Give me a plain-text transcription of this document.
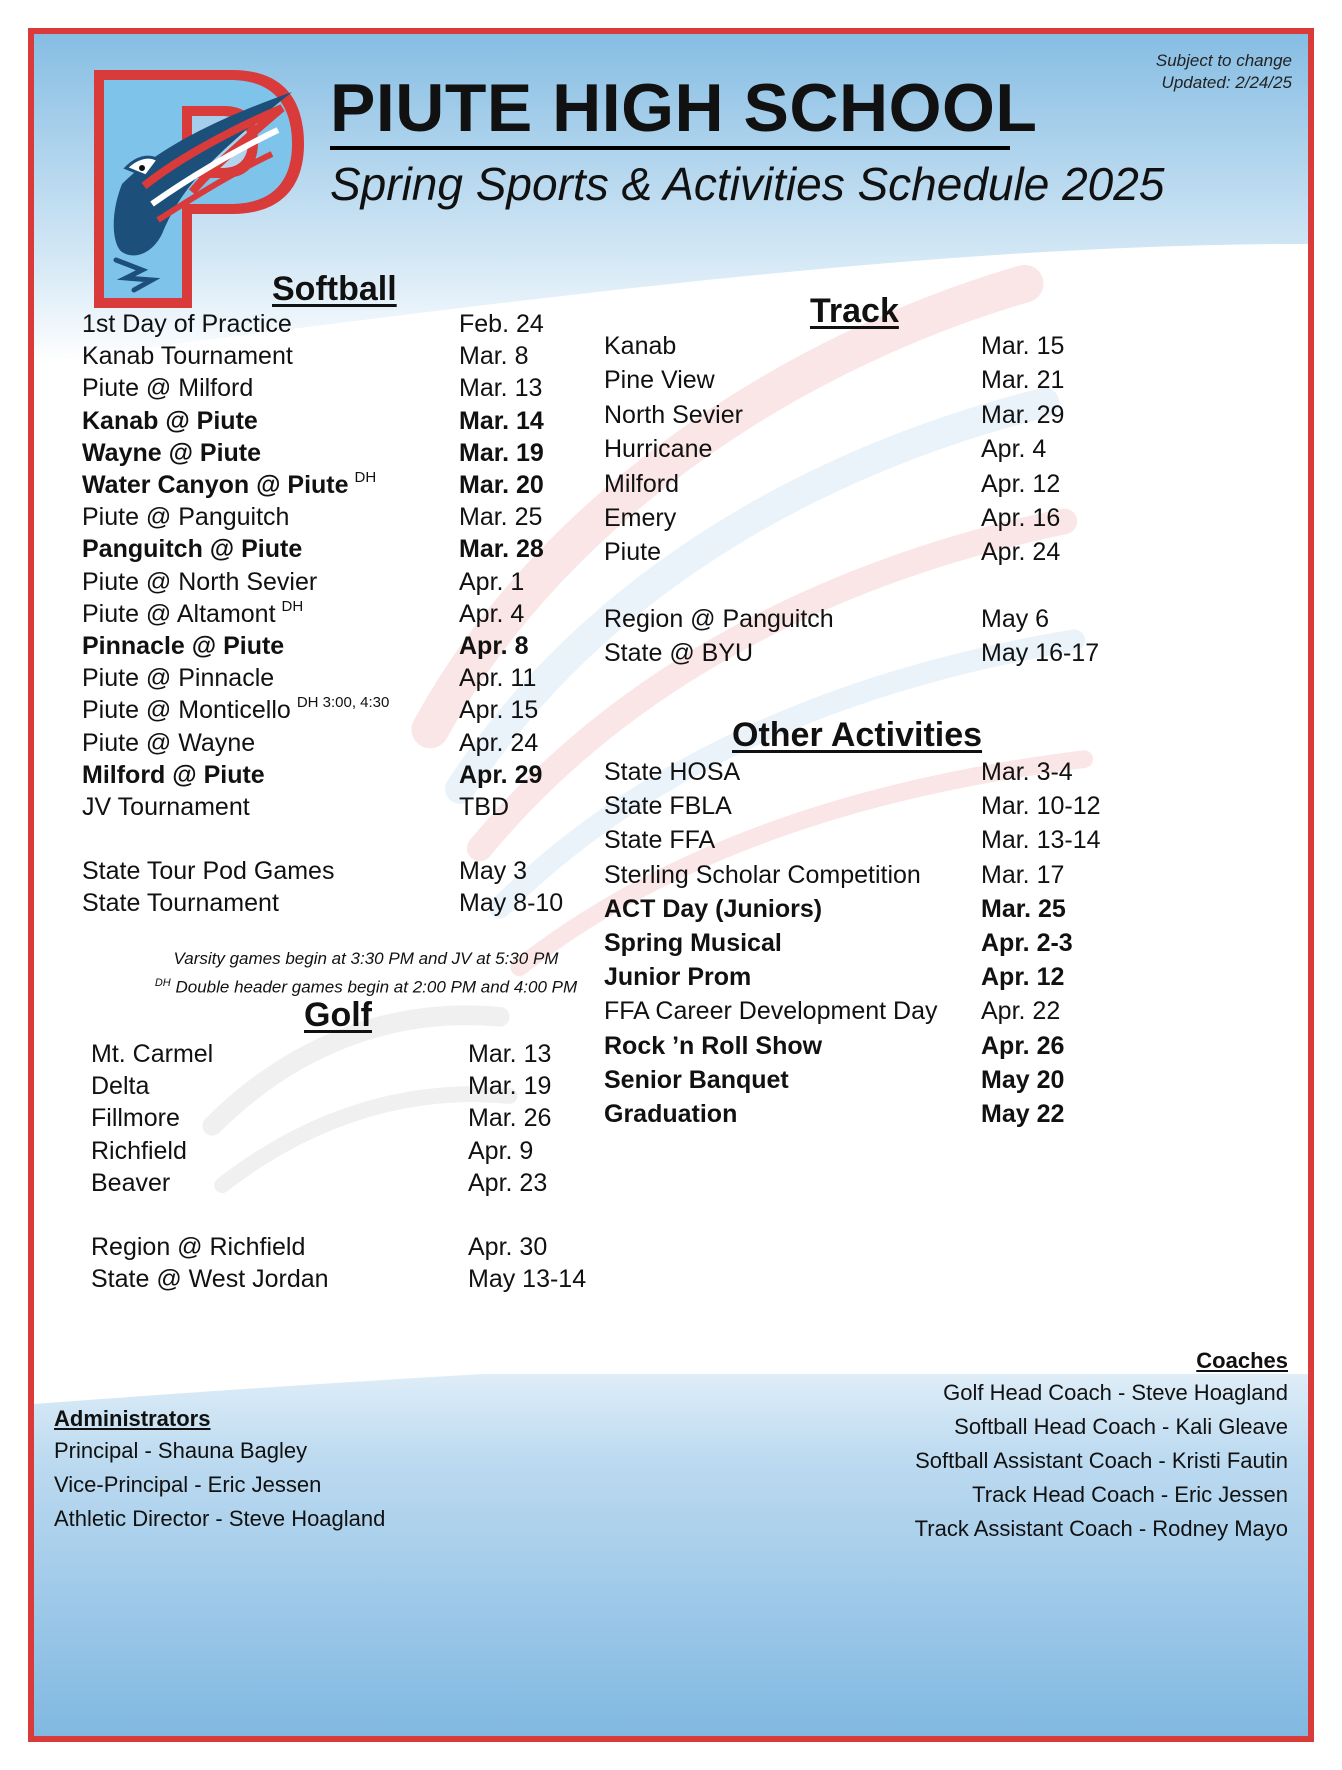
Subject to change
Updated: 2/24/25
PIUTE HIGH SCHOOL
Spring Sports & Activities Schedule 2025
Softball
1st Day of Practice	Feb. 24
Kanab Tournament	Mar. 8
Piute @ Milford	Mar. 13
Kanab @ Piute	Mar. 14
Wayne @ Piute	Mar. 19
Water Canyon @ Piute $^{DH}$	Mar. 20
Piute @ Panguitch	Mar. 25
Panguitch @ Piute	Mar. 28
Piute @ North Sevier	Apr. 1
Piute @ Altamont $^{DH}$	Apr. 4
Pinnacle @ Piute	Apr. 8
Piute @ Pinnacle	Apr. 11
Piute @ Monticello $^{DH 3:00, 4:30}$	Apr. 15
Piute @ Wayne	Apr. 24
Milford @ Piute	Apr. 29
JV Tournament	TBD
State Tour Pod Games	May 3
State Tournament	May 8-10
Varsity games begin at 3:30 PM and JV at 5:30 PM
$^{DH}$ Double header games begin at 2:00 PM and 4:00 PM
Golf
Mt. Carmel	Mar. 13
Delta	Mar. 19
Fillmore	Mar. 26
Richfield	Apr. 9
Beaver	Apr. 23
Region @ Richfield	Apr. 30
State @ West Jordan	May 13-14
Track
Kanab	Mar. 15
Pine View	Mar. 21
North Sevier	Mar. 29
Hurricane	Apr. 4
Milford	Apr. 12
Emery	Apr. 16
Piute	Apr. 24
Region @ Panguitch	May 6
State @ BYU	May 16-17
Other Activities
State HOSA	Mar. 3-4
State FBLA	Mar. 10-12
State FFA	Mar. 13-14
Sterling Scholar Competition Mar. 17
ACT Day (Juniors)	Mar. 25
Spring Musical	Apr. 2-3
Junior Prom	Apr. 12
FFA Career Development Day Apr. 22
Rock ’n Roll Show	Apr. 26
Senior Banquet	May 20
Graduation	May 22
Administrators
Principal - Shauna Bagley
Vice-Principal - Eric Jessen
Athletic Director - Steve Hoagland
Coaches
Golf Head Coach - Steve Hoagland
Softball Head Coach - Kali Gleave
Softball Assistant Coach - Kristi Fautin
Track Head Coach - Eric Jessen
Track Assistant Coach - Rodney Mayo
